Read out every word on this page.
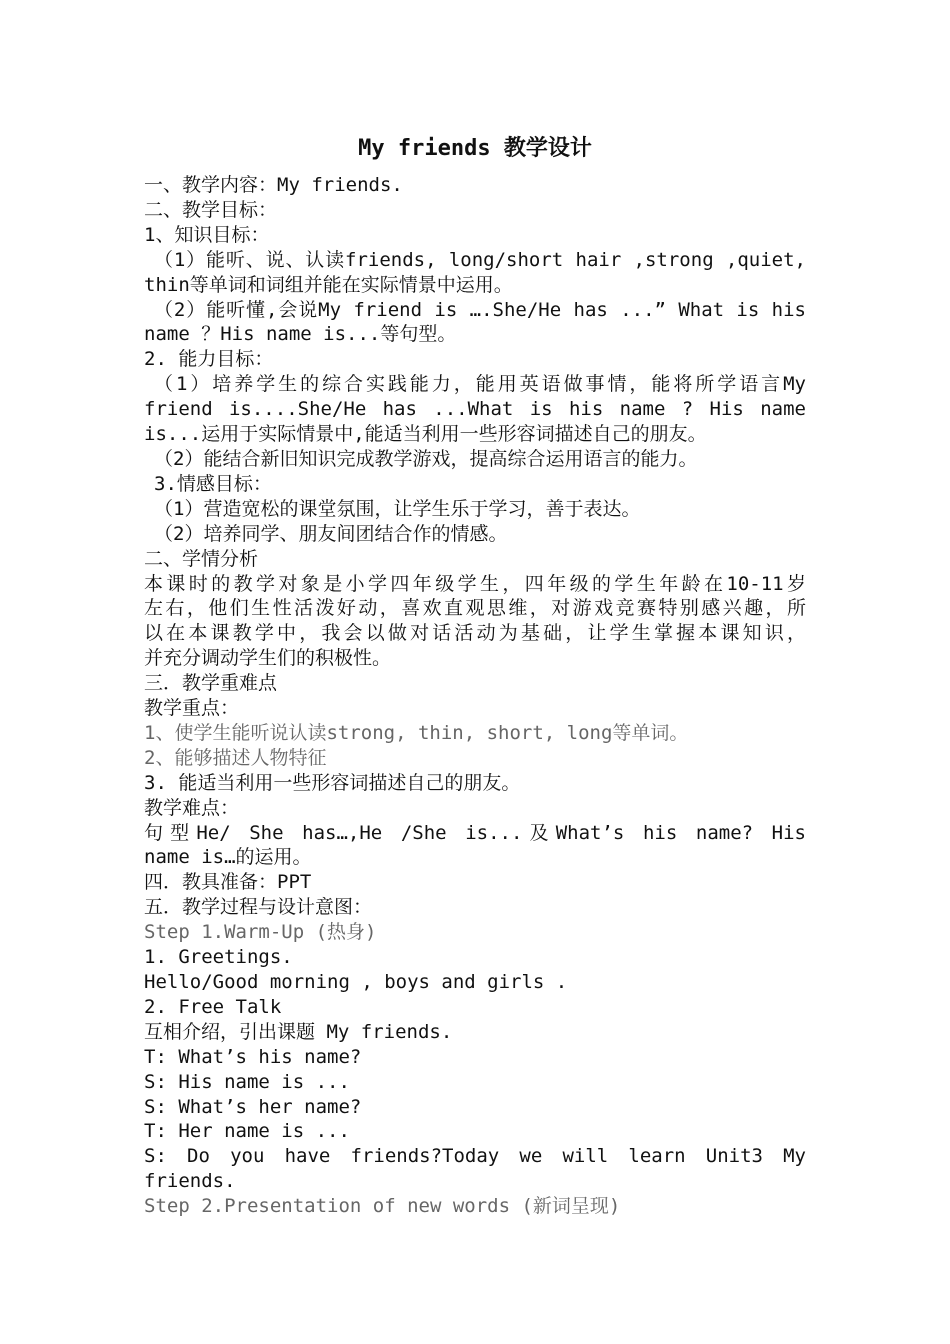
My friends 教学设计
一、教学内容：My friends.
二、教学目标：
1、知识目标：
（1）能听、说、认读friends, long/short hair ,strong ,quiet,
thin等单词和词组并能在实际情景中运用。
（2）能听懂,会说My friend is ….She/He has ...” What is his
name ？His name is...等句型。
2. 能力目标：
（1）培养学生的综合实践能力，能用英语做事情，能将所学语言My
friend is....She/He has ...What is his name ? His name
is...运用于实际情景中,能适当利用一些形容词描述自己的朋友。
（2）能结合新旧知识完成教学游戏，提高综合运用语言的能力。
3.情感目标：
（1）营造宽松的课堂氛围，让学生乐于学习，善于表达。
（2）培养同学、朋友间团结合作的情感。
二、学情分析
本课时的教学对象是小学四年级学生，四年级的学生年龄在10-11岁
左右，他们生性活泼好动，喜欢直观思维，对游戏竞赛特别感兴趣，所
以在本课教学中，我会以做对话活动为基础，让学生掌握本课知识，
并充分调动学生们的积极性。
三．教学重难点
教学重点：
1、使学生能听说认读strong, thin, short, long等单词。
2、能够描述人物特征
3. 能适当利用一些形容词描述自己的朋友。
教学难点：
句型He/ She has…,He /She is...及What’s his name? His
name is…的运用。
四．教具准备：PPT
五．教学过程与设计意图：
Step 1.Warm-Up (热身)
1. Greetings.
Hello/Good morning , boys and girls .
2. Free Talk
互相介绍，引出课题 My friends.
T: What’s his name?
S: His name is ...
S: What’s her name?
T: Her name is ...
S: Do you have friends?Today we will learn Unit3 My
friends.
Step 2.Presentation of new words (新词呈现)
